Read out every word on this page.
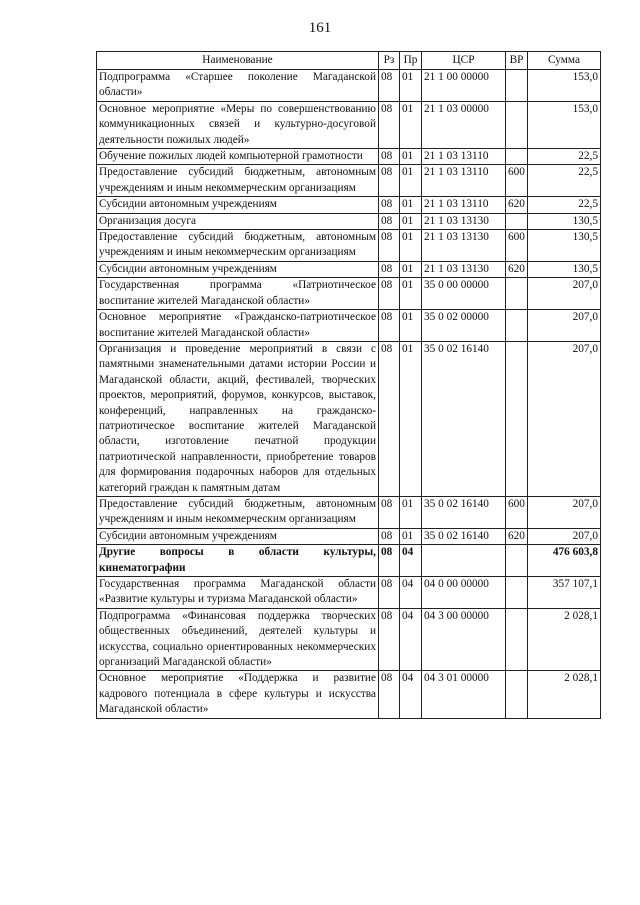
161
Наименование	Рз	Пр	ЦСР	ВР	Сумма
Подпрограмма «Старшее поколение Магаданской области»	08	01	21 1 00 00000		153,0
Основное мероприятие «Меры по совершенствованию коммуникационных связей и культурно-досуговой деятельности пожилых людей»	08	01	21 1 03 00000		153,0
Обучение пожилых людей компьютерной грамотности	08	01	21 1 03 13110		22,5
Предоставление субсидий бюджетным, автономным учреждениям и иным некоммерческим организациям	08	01	21 1 03 13110	600	22,5
Субсидии автономным учреждениям	08	01	21 1 03 13110	620	22,5
Организация досуга	08	01	21 1 03 13130		130,5
Предоставление субсидий бюджетным, автономным учреждениям и иным некоммерческим организациям	08	01	21 1 03 13130	600	130,5
Субсидии автономным учреждениям	08	01	21 1 03 13130	620	130,5
Государственная программа «Патриотическое воспитание жителей Магаданской области»	08	01	35 0 00 00000		207,0
Основное мероприятие «Гражданско-патриотическое воспитание жителей Магаданской области»	08	01	35 0 02 00000		207,0
Организация и проведение мероприятий в связи с памятными знаменательными датами истории России и Магаданской области, акций, фестивалей, творческих проектов, мероприятий, форумов, конкурсов, выставок, конференций, направленных на гражданско-патриотическое воспитание жителей Магаданской области, изготовление печатной продукции патриотической направленности, приобретение товаров для формирования подарочных наборов для отдельных категорий граждан к памятным датам	08	01	35 0 02 16140		207,0
Предоставление субсидий бюджетным, автономным учреждениям и иным некоммерческим организациям	08	01	35 0 02 16140	600	207,0
Субсидии автономным учреждениям	08	01	35 0 02 16140	620	207,0
Другие вопросы в области культуры, кинематографии	08	04			476 603,8
Государственная программа Магаданской области «Развитие культуры и туризма Магаданской области»	08	04	04 0 00 00000		357 107,1
Подпрограмма «Финансовая поддержка творческих общественных объединений, деятелей культуры и искусства, социально ориентированных некоммерческих организаций Магаданской области»	08	04	04 3 00 00000		2 028,1
Основное мероприятие «Поддержка и развитие кадрового потенциала в сфере культуры и искусства Магаданской области»	08	04	04 3 01 00000		2 028,1
